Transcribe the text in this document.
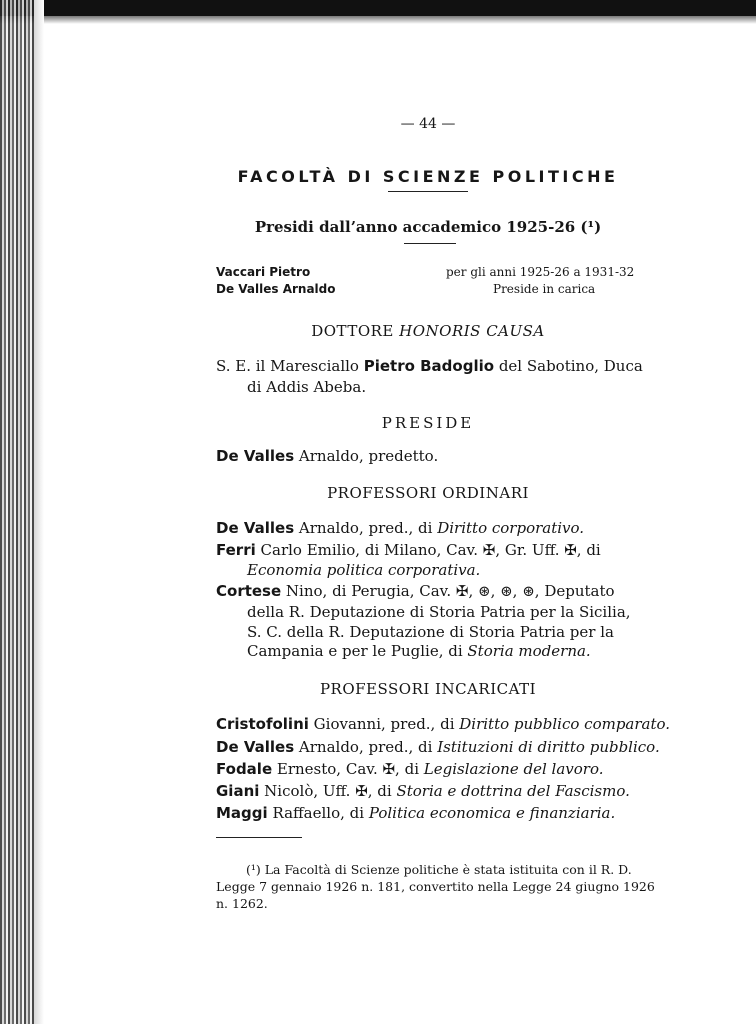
— 44 —
FACOLTÀ DI SCIENZE POLITICHE
Presidi dall’anno accademico 1925-26 (¹)
Vaccari Pietro	per gli anni 1925-26 a 1931-32
De Valles Arnaldo	Preside in carica
DOTTORE HONORIS CAUSA
S. E. il Maresciallo Pietro Badoglio del Sabotino, Duca
di Addis Abeba.
PRESIDE
De Valles Arnaldo, predetto.
PROFESSORI ORDINARI
De Valles Arnaldo, pred., di Diritto corporativo.
Ferri Carlo Emilio, di Milano, Cav. ✠, Gr. Uff. ✠, di
Economia politica corporativa.
Cortese Nino, di Perugia, Cav. ✠, ⊛, ⊛, ⊛, Deputato
della R. Deputazione di Storia Patria per la Sicilia,
S. C. della R. Deputazione di Storia Patria per la
Campania e per le Puglie, di Storia moderna.
PROFESSORI INCARICATI
Cristofolini Giovanni, pred., di Diritto pubblico comparato.
De Valles Arnaldo, pred., di Istituzioni di diritto pubblico.
Fodale Ernesto, Cav. ✠, di Legislazione del lavoro.
Giani Nicolò, Uff. ✠, di Storia e dottrina del Fascismo.
Maggi Raffaello, di Politica economica e finanziaria.
(¹) La Facoltà di Scienze politiche è stata istituita con il R. D.
Legge 7 gennaio 1926 n. 181, convertito nella Legge 24 giugno 1926
n. 1262.
